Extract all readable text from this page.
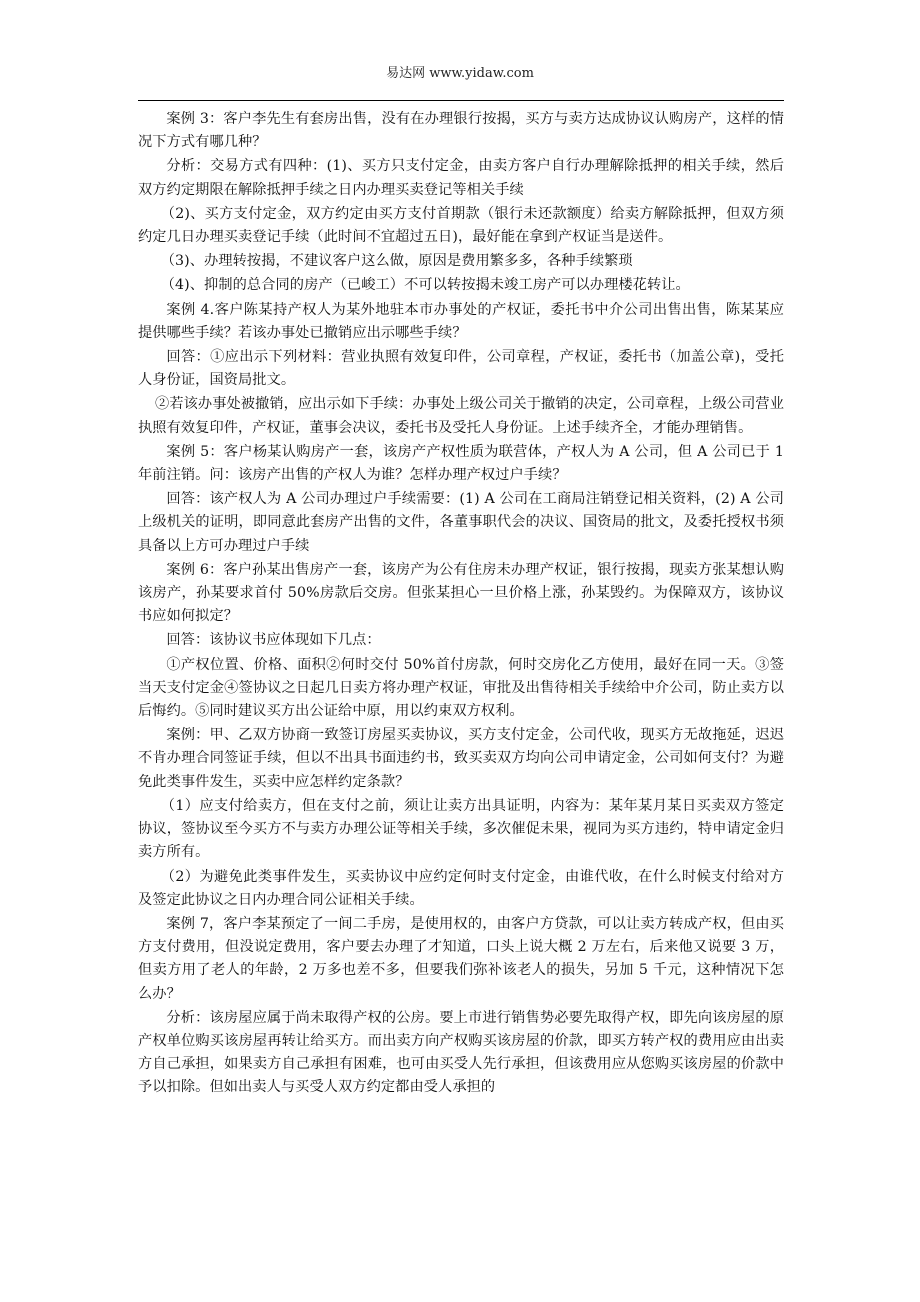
易达网 www.yidaw.com

案例 3：客户李先生有套房出售，没有在办理银行按揭，买方与卖方达成协议认购房产，这样的情况下方式有哪几种？

分析：交易方式有四种：(1)、买方只支付定金，由卖方客户自行办理解除抵押的相关手续，然后双方约定期限在解除抵押手续之日内办理买卖登记等相关手续

（2)、买方支付定金，双方约定由买方支付首期款（银行未还款额度）给卖方解除抵押，但双方须约定几日办理买卖登记手续（此时间不宜超过五日)，最好能在拿到产权证当是送件。

（3)、办理转按揭，不建议客户这么做，原因是费用繁多多，各种手续繁琐

（4)、抑制的总合同的房产（已峻工）不可以转按揭未竣工房产可以办理楼花转让。

案例 4.客户陈某持产权人为某外地驻本市办事处的产权证，委托书中介公司出售出售，陈某某应提供哪些手续？若该办事处已撤销应出示哪些手续？

回答：①应出示下列材料：营业执照有效复印件，公司章程，产权证，委托书（加盖公章)，受托人身份证，国资局批文。

②若该办事处被撤销，应出示如下手续：办事处上级公司关于撤销的决定，公司章程，上级公司营业执照有效复印件，产权证，董事会决议，委托书及受托人身份证。上述手续齐全，才能办理销售。

案例 5：客户杨某认购房产一套，该房产产权性质为联营体，产权人为 A 公司，但 A 公司已于 1 年前注销。问：该房产出售的产权人为谁？怎样办理产权过户手续？

回答：该产权人为 A 公司办理过户手续需要：(1) A 公司在工商局注销登记相关资料，(2) A 公司上级机关的证明，即同意此套房产出售的文件，各董事职代会的决议、国资局的批文，及委托授权书须具备以上方可办理过户手续

案例 6：客户孙某出售房产一套，该房产为公有住房未办理产权证，银行按揭，现卖方张某想认购该房产，孙某要求首付 50%房款后交房。但张某担心一旦价格上涨，孙某毁约。为保障双方，该协议书应如何拟定？

回答：该协议书应体现如下几点：

①产权位置、价格、面积②何时交付 50%首付房款，何时交房化乙方使用，最好在同一天。③签当天支付定金④签协议之日起几日卖方将办理产权证，审批及出售待相关手续给中介公司，防止卖方以后悔约。⑤同时建议买方出公证给中原，用以约束双方权利。

案例：甲、乙双方协商一致签订房屋买卖协议，买方支付定金，公司代收，现买方无故拖延，迟迟不肯办理合同签证手续，但以不出具书面违约书，致买卖双方均向公司申请定金，公司如何支付？为避免此类事件发生，买卖中应怎样约定条款？

（1）应支付给卖方，但在支付之前，须让让卖方出具证明，内容为：某年某月某日买卖双方签定协议，签协议至今买方不与卖方办理公证等相关手续，多次催促未果，视同为买方违约，特申请定金归卖方所有。

（2）为避免此类事件发生，买卖协议中应约定何时支付定金，由谁代收，在什么时候支付给对方及签定此协议之日内办理合同公证相关手续。

案例 7，客户李某预定了一间二手房，是使用权的，由客户方贷款，可以让卖方转成产权，但由买方支付费用，但没说定费用，客户要去办理了才知道，口头上说大概 2 万左右，后来他又说要 3 万，但卖方用了老人的年龄，2 万多也差不多，但要我们弥补该老人的损失，另加 5 千元，这种情况下怎么办？

分析：该房屋应属于尚未取得产权的公房。要上市进行销售势必要先取得产权，即先向该房屋的原产权单位购买该房屋再转让给买方。而出卖方向产权购买该房屋的价款，即买方转产权的费用应由出卖方自己承担，如果卖方自己承担有困难，也可由买受人先行承担，但该费用应从您购买该房屋的价款中予以扣除。但如出卖人与买受人双方约定都由受人承担的
